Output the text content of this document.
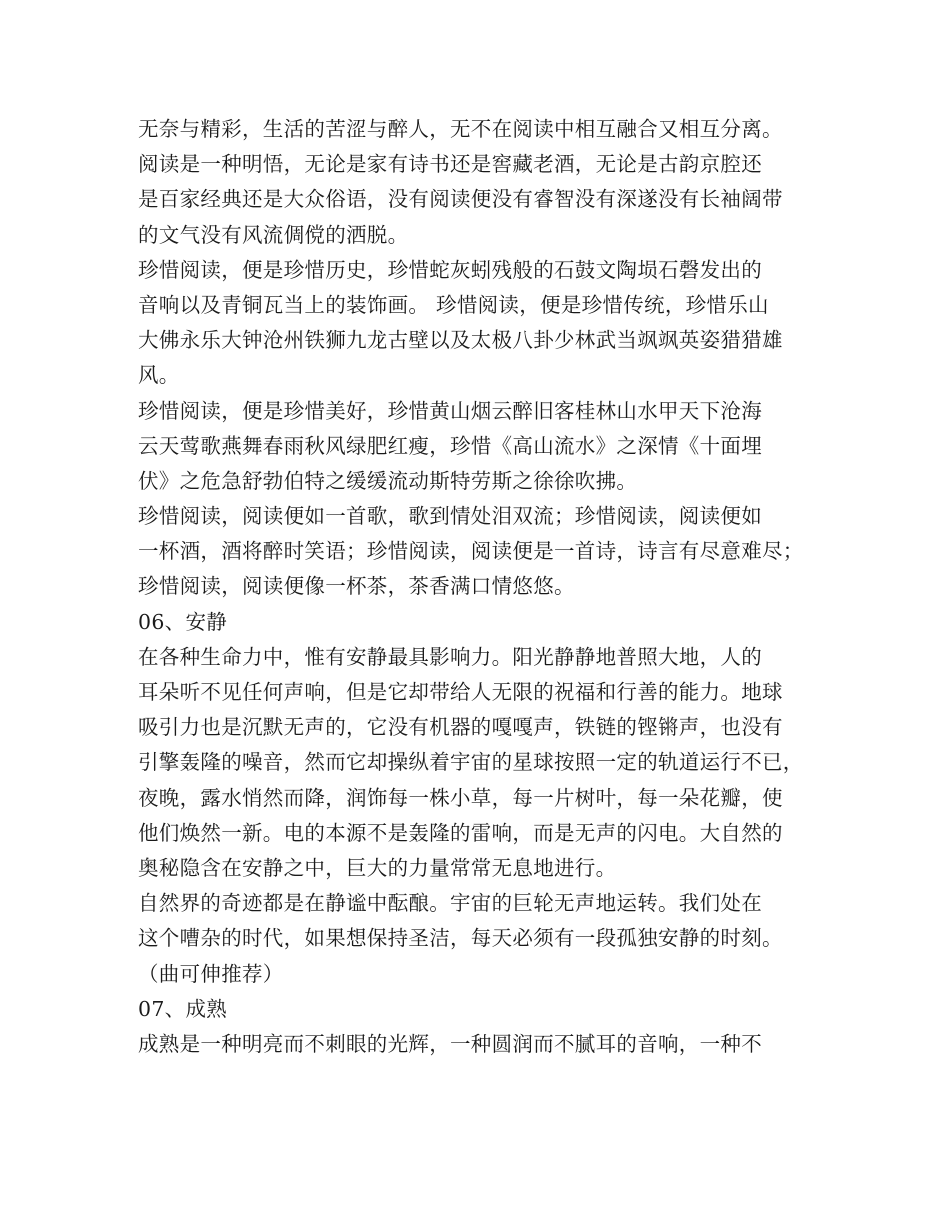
无奈与精彩，生活的苦涩与醉人，无不在阅读中相互融合又相互分离。
阅读是一种明悟，无论是家有诗书还是窖藏老酒，无论是古韵京腔还
是百家经典还是大众俗语，没有阅读便没有睿智没有深遂没有长袖阔带
的文气没有风流倜傥的洒脱。
珍惜阅读，便是珍惜历史，珍惜蛇灰蚓残般的石鼓文陶埙石磬发出的
音响以及青铜瓦当上的装饰画。 珍惜阅读，便是珍惜传统，珍惜乐山
大佛永乐大钟沧州铁狮九龙古壁以及太极八卦少林武当飒飒英姿猎猎雄
风。
珍惜阅读，便是珍惜美好，珍惜黄山烟云醉旧客桂林山水甲天下沧海
云天莺歌燕舞春雨秋风绿肥红瘦，珍惜《高山流水》之深情《十面埋
伏》之危急舒勃伯特之缓缓流动斯特劳斯之徐徐吹拂。
珍惜阅读，阅读便如一首歌，歌到情处泪双流；珍惜阅读，阅读便如
一杯酒，酒将醉时笑语；珍惜阅读，阅读便是一首诗，诗言有尽意难尽；
珍惜阅读，阅读便像一杯茶，茶香满口情悠悠。
06、安静
在各种生命力中，惟有安静最具影响力。阳光静静地普照大地，人的
耳朵听不见任何声响，但是它却带给人无限的祝福和行善的能力。地球
吸引力也是沉默无声的，它没有机器的嘎嘎声，铁链的铿锵声，也没有
引擎轰隆的噪音，然而它却操纵着宇宙的星球按照一定的轨道运行不已，
夜晚，露水悄然而降，润饰每一株小草，每一片树叶，每一朵花瓣，使
他们焕然一新。电的本源不是轰隆的雷响，而是无声的闪电。大自然的
奥秘隐含在安静之中，巨大的力量常常无息地进行。
自然界的奇迹都是在静谧中酝酿。宇宙的巨轮无声地运转。我们处在
这个嘈杂的时代，如果想保持圣洁，每天必须有一段孤独安静的时刻。
（曲可伸推荐）
07、成熟
成熟是一种明亮而不刺眼的光辉，一种圆润而不腻耳的音响，一种不
